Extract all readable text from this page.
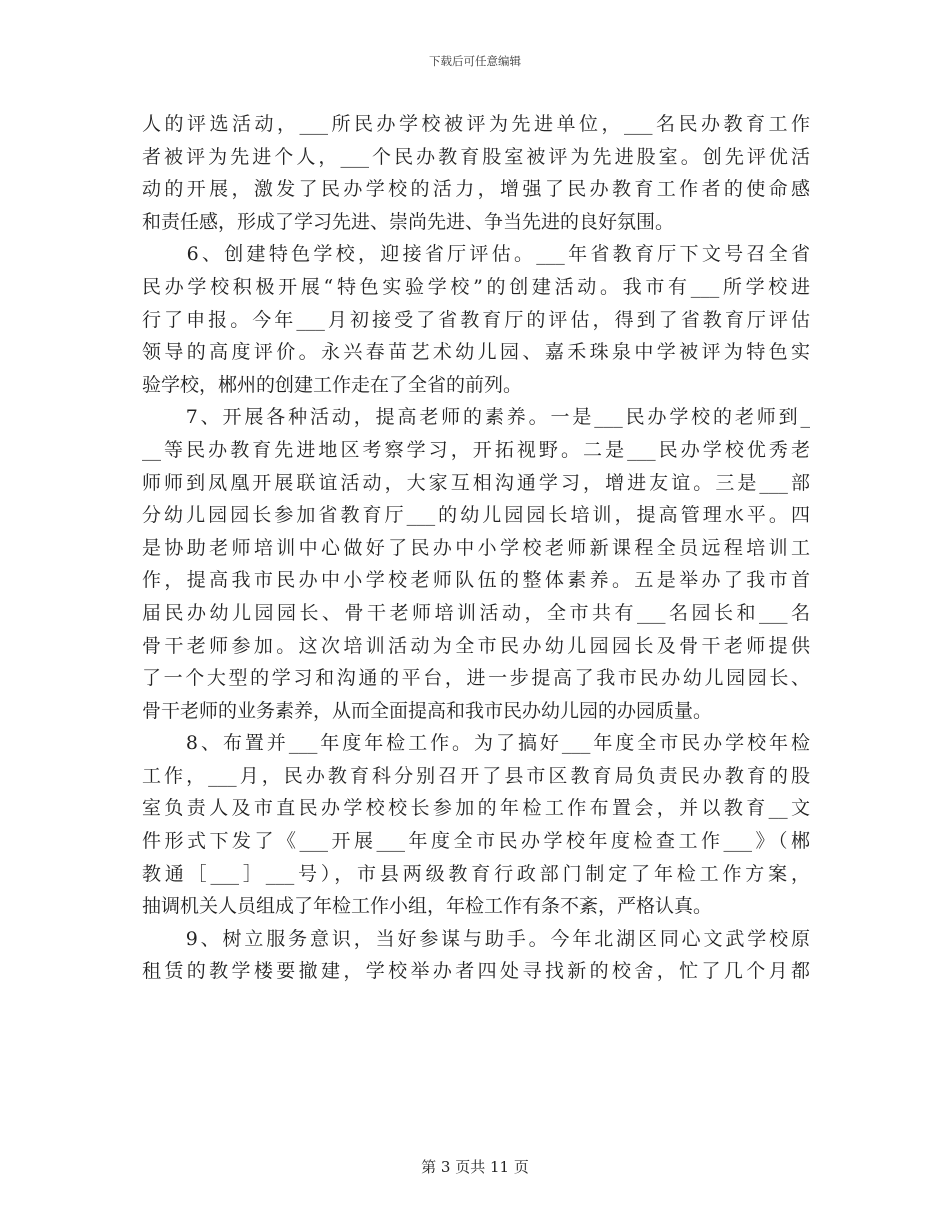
下载后可任意编辑
人的评选活动，___所民办学校被评为先进单位，___名民办教育工作
者被评为先进个人，___个民办教育股室被评为先进股室。创先评优活
动的开展，激发了民办学校的活力，增强了民办教育工作者的使命感
和责任感，形成了学习先进、崇尚先进、争当先进的良好氛围。
　　6、创建特色学校，迎接省厅评估。___年省教育厅下文号召全省
民办学校积极开展“特色实验学校”的创建活动。我市有___所学校进
行了申报。今年___月初接受了省教育厅的评估，得到了省教育厅评估
领导的高度评价。永兴春苗艺术幼儿园、嘉禾珠泉中学被评为特色实
验学校，郴州的创建工作走在了全省的前列。
　　7、开展各种活动，提高老师的素养。一是___民办学校的老师到_
__等民办教育先进地区考察学习，开拓视野。二是___民办学校优秀老
师师到凤凰开展联谊活动，大家互相沟通学习，增进友谊。三是___部
分幼儿园园长参加省教育厅___的幼儿园园长培训，提高管理水平。四
是协助老师培训中心做好了民办中小学校老师新课程全员远程培训工
作，提高我市民办中小学校老师队伍的整体素养。五是举办了我市首
届民办幼儿园园长、骨干老师培训活动，全市共有___名园长和___名
骨干老师参加。这次培训活动为全市民办幼儿园园长及骨干老师提供
了一个大型的学习和沟通的平台，进一步提高了我市民办幼儿园园长、
骨干老师的业务素养，从而全面提高和我市民办幼儿园的办园质量。
　　8、布置并___年度年检工作。为了搞好___年度全市民办学校年检
工作，___月，民办教育科分别召开了县市区教育局负责民办教育的股
室负责人及市直民办学校校长参加的年检工作布置会，并以教育__文
件形式下发了《___开展___年度全市民办学校年度检查工作___》（郴
教通［___］___号），市县两级教育行政部门制定了年检工作方案，
抽调机关人员组成了年检工作小组，年检工作有条不紊，严格认真。
　　9、树立服务意识，当好参谋与助手。今年北湖区同心文武学校原
租赁的教学楼要撤建，学校举办者四处寻找新的校舍，忙了几个月都
第 3 页共 11 页
